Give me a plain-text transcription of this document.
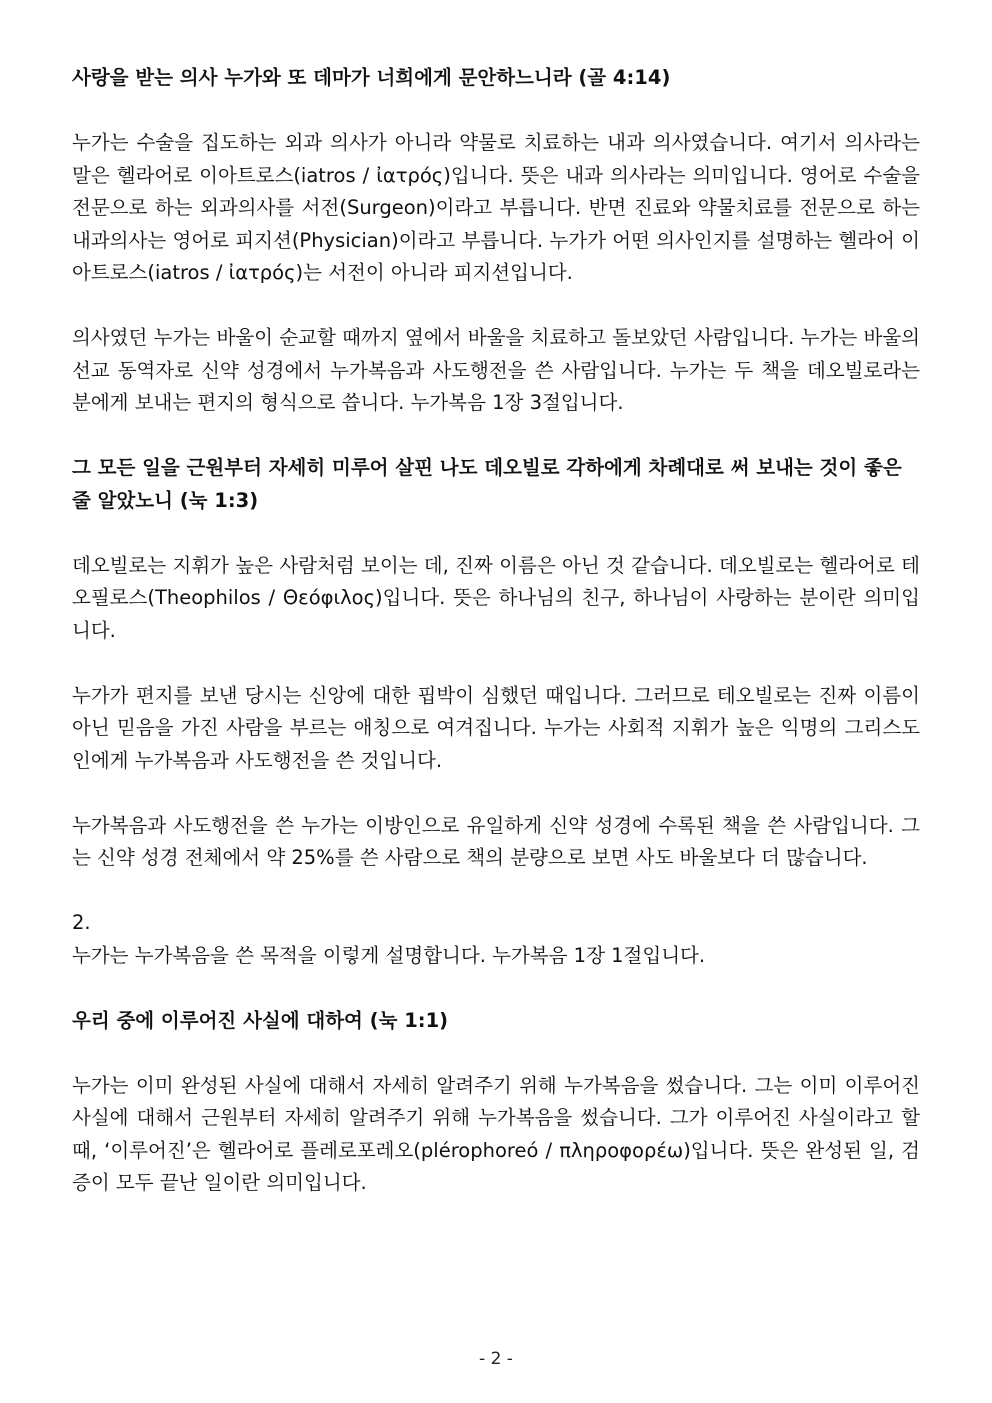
사랑을 받는 의사 누가와 또 데마가 너희에게 문안하느니라 (골 4:14)

누가는 수술을 집도하는 외과 의사가 아니라 약물로 치료하는 내과 의사였습니다. 여기서 의사라는 말은 헬라어로 이아트로스(iatros / ἰατρός)입니다. 뜻은 내과 의사라는 의미입니다. 영어로 수술을 전문으로 하는 외과의사를 서전(Surgeon)이라고 부릅니다. 반면 진료와 약물치료를 전문으로 하는 내과의사는 영어로 피지션(Physician)이라고 부릅니다. 누가가 어떤 의사인지를 설명하는 헬라어 이아트로스(iatros / ἰατρός)는 서전이 아니라 피지션입니다.

의사였던 누가는 바울이 순교할 때까지 옆에서 바울을 치료하고 돌보았던 사람입니다. 누가는 바울의 선교 동역자로 신약 성경에서 누가복음과 사도행전을 쓴 사람입니다. 누가는 두 책을 데오빌로라는 분에게 보내는 편지의 형식으로 씁니다. 누가복음 1장 3절입니다.

그 모든 일을 근원부터 자세히 미루어 살핀 나도 데오빌로 각하에게 차례대로 써 보내는 것이 좋은 줄 알았노니 (눅 1:3)

데오빌로는 지휘가 높은 사람처럼 보이는 데, 진짜 이름은 아닌 것 같습니다. 데오빌로는 헬라어로 테오필로스(Theophilos / Θεόφιλος)입니다. 뜻은 하나님의 친구, 하나님이 사랑하는 분이란 의미입니다.

누가가 편지를 보낸 당시는 신앙에 대한 핍박이 심했던 때입니다. 그러므로 테오빌로는 진짜 이름이 아닌 믿음을 가진 사람을 부르는 애칭으로 여겨집니다. 누가는 사회적 지휘가 높은 익명의 그리스도인에게 누가복음과 사도행전을 쓴 것입니다.

누가복음과 사도행전을 쓴 누가는 이방인으로 유일하게 신약 성경에 수록된 책을 쓴 사람입니다. 그는 신약 성경 전체에서 약 25%를 쓴 사람으로 책의 분량으로 보면 사도 바울보다 더 많습니다.

2.

누가는 누가복음을 쓴 목적을 이렇게 설명합니다. 누가복음 1장 1절입니다.

우리 중에 이루어진 사실에 대하여 (눅 1:1)

누가는 이미 완성된 사실에 대해서 자세히 알려주기 위해 누가복음을 썼습니다. 그는 이미 이루어진 사실에 대해서 근원부터 자세히 알려주기 위해 누가복음을 썼습니다. 그가 이루어진 사실이라고 할 때, ‘이루어진’은 헬라어로 플레로포레오(plérophoreó / πληροφορέω)입니다. 뜻은 완성된 일, 검증이 모두 끝난 일이란 의미입니다.

- 2 -
